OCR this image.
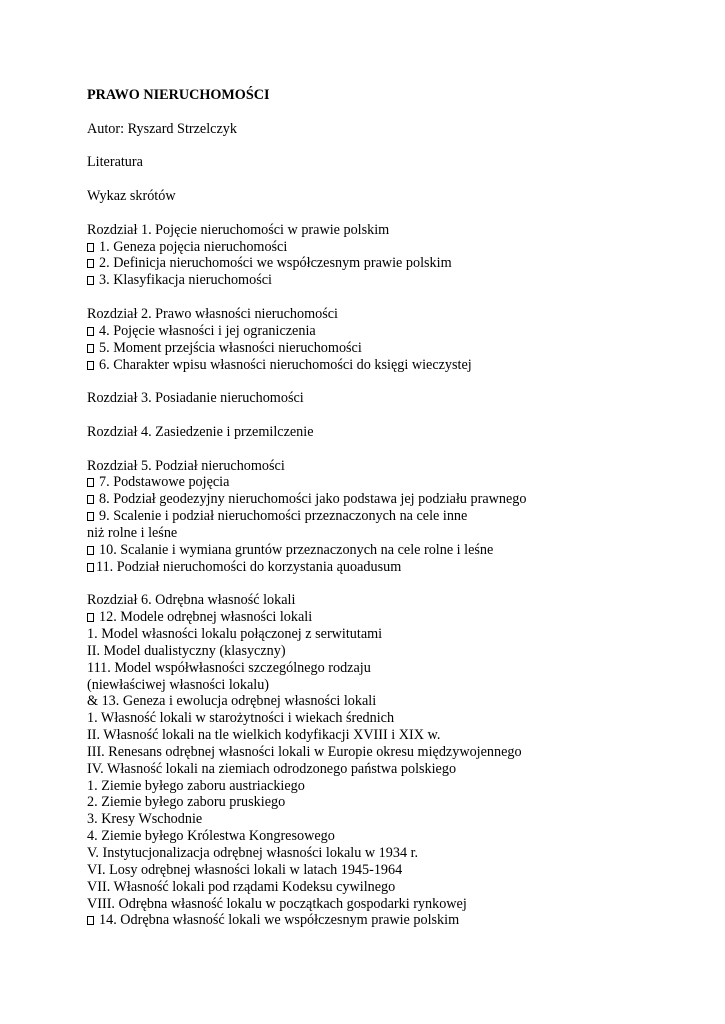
PRAWO NIERUCHOMOŚCI
Autor: Ryszard Strzelczyk
Literatura
Wykaz skrótów
Rozdział 1. Pojęcie nieruchomości w prawie polskim
1. Geneza pojęcia nieruchomości
2. Definicja nieruchomości we współczesnym prawie polskim
3. Klasyfikacja nieruchomości
Rozdział 2. Prawo własności nieruchomości
4. Pojęcie własności i jej ograniczenia
5. Moment przejścia własności nieruchomości
6. Charakter wpisu własności nieruchomości do księgi wieczystej
Rozdział 3. Posiadanie nieruchomości
Rozdział 4. Zasiedzenie i przemilczenie
Rozdział 5. Podział nieruchomości
7. Podstawowe pojęcia
8. Podział geodezyjny nieruchomości jako podstawa jej podziału prawnego
9. Scalenie i podział nieruchomości przeznaczonych na cele inne
niż rolne i leśne
10. Scalanie i wymiana gruntów przeznaczonych na cele rolne i leśne
11. Podział nieruchomości do korzystania ąuoadusum
Rozdział 6. Odrębna własność lokali
12. Modele odrębnej własności lokali
1. Model własności lokalu połączonej z serwitutami
II. Model dualistyczny (klasyczny)
111. Model współwłasności szczególnego rodzaju
(niewłaściwej własności lokalu)
& 13. Geneza i ewolucja odrębnej własności lokali
1. Własność lokali w starożytności i wiekach średnich
II. Własność lokali na tle wielkich kodyfikacji XVIII i XIX w.
III. Renesans odrębnej własności lokali w Europie okresu międzywojennego
IV. Własność lokali na ziemiach odrodzonego państwa polskiego
1. Ziemie byłego zaboru austriackiego
2. Ziemie byłego zaboru pruskiego
3. Kresy Wschodnie
4. Ziemie byłego Królestwa Kongresowego
V. Instytucjonalizacja odrębnej własności lokalu w 1934 r.
VI. Losy odrębnej własności lokali w latach 1945-1964
VII. Własność lokali pod rządami Kodeksu cywilnego
VIII. Odrębna własność lokalu w początkach gospodarki rynkowej
14. Odrębna własność lokali we współczesnym prawie polskim
